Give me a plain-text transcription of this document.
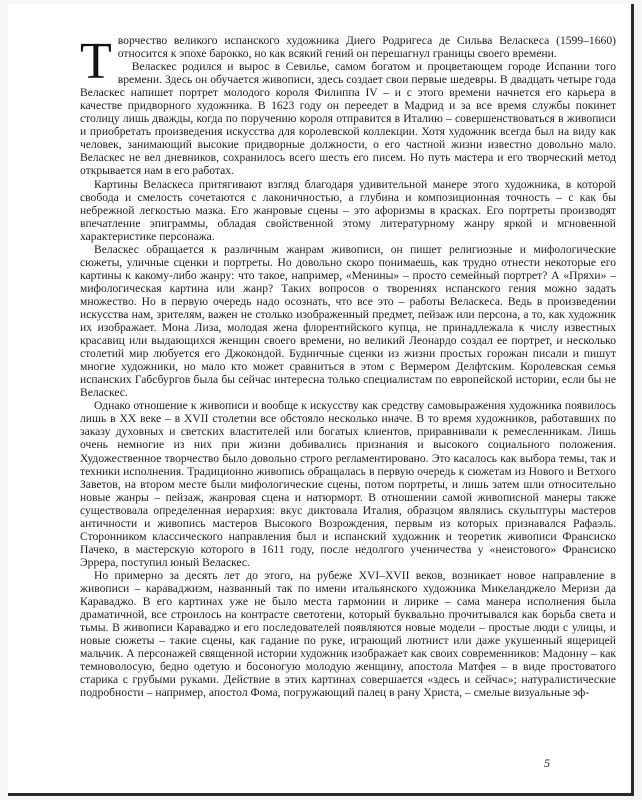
Творчество великого испанского художника Диего Родригеса де Сильва Веласкеса (1599–1660) относится к эпохе барокко, но как всякий гений он перешагнул границы своего времени.

Веласкес родился и вырос в Севилье, самом богатом и процветающем городе Испании того времени. Здесь он обучается живописи, здесь создает свои первые шедевры. В двадцать четыре года Веласкес напишет портрет молодого короля Филиппа IV – и с этого времени начнется его карьера в качестве придворного художника. В 1623 году он переедет в Мадрид и за все время службы покинет столицу лишь дважды, когда по поручению короля отправится в Италию – совершенствоваться в живописи и приобретать произведения искусства для королевской коллекции. Хотя художник всегда был на виду как человек, занимающий высокие придворные должности, о его частной жизни известно довольно мало. Веласкес не вел дневников, сохранилось всего шесть его писем. Но путь мастера и его творческий метод открывается нам в его работах.

Картины Веласкеса притягивают взгляд благодаря удивительной манере этого художника, в которой свобода и смелость сочетаются с лаконичностью, а глубина и композиционная точность – с как бы небрежной легкостью мазка. Его жанровые сцены – это афоризмы в красках. Его портреты производят впечатление эпиграммы, обладая свойственной этому литературному жанру яркой и мгновенной характеристике персонажа.

Веласкес обращается к различным жанрам живописи, он пишет религиозные и мифологические сюжеты, уличные сценки и портреты. Но довольно скоро понимаешь, как трудно отнести некоторые его картины к какому-либо жанру: что такое, например, «Менины» – просто семейный портрет? А «Пряхи» – мифологическая картина или жанр? Таких вопросов о творениях испанского гения можно задать множество. Но в первую очередь надо осознать, что все это – работы Веласкеса. Ведь в произведении искусства нам, зрителям, важен не столько изображенный предмет, пейзаж или персона, а то, как художник их изображает. Мона Лиза, молодая жена флорентийского купца, не принадлежала к числу известных красавиц или выдающихся женщин своего времени, но великий Леонардо создал ее портрет, и несколько столетий мир любуется его Джокондой. Будничные сценки из жизни простых горожан писали и пишут многие художники, но мало кто может сравниться в этом с Вермером Делфтским. Королевская семья испанских Габсбургов была бы сейчас интересна только специалистам по европейской истории, если бы не Веласкес.

Однако отношение к живописи и вообще к искусству как средству самовыражения художника появилось лишь в XX веке – в XVII столетии все обстояло несколько иначе. В то время художников, работавших по заказу духовных и светских властителей или богатых клиентов, приравнивали к ремесленникам. Лишь очень немногие из них при жизни добивались признания и высокого социального положения. Художественное творчество было довольно строго регламентировано. Это касалось как выбора темы, так и техники исполнения. Традиционно живопись обращалась в первую очередь к сюжетам из Нового и Ветхого Заветов, на втором месте были мифологические сцены, потом портреты, и лишь затем шли относительно новые жанры – пейзаж, жанровая сцена и натюрморт. В отношении самой живописной манеры также существовала определенная иерархия: вкус диктовала Италия, образцом являлись скульптуры мастеров античности и живопись мастеров Высокого Возрождения, первым из которых признавался Рафаэль. Сторонником классического направления был и испанский художник и теоретик живописи Франсиско Пачеко, в мастерскую которого в 1611 году, после недолгого ученичества у «неистового» Франсиско Эррера, поступил юный Веласкес.

Но примерно за десять лет до этого, на рубеже XVI–XVII веков, возникает новое направление в живописи – караваджизм, названный так по имени итальянского художника Микеланджело Меризи да Караваджо. В его картинах уже не было места гармонии и лирике – сама манера исполнения была драматичной, все строилось на контрасте светотени, который буквально прочитывался как борьба света и тьмы. В живописи Караваджо и его последователей появляются новые модели – простые люди с улицы, и новые сюжеты – такие сцены, как гадание по руке, играющий лютнист или даже укушенный ящерицей мальчик. А персонажей священной истории художник изображает как своих современников: Мадонну – как темноволосую, бедно одетую и босоногую молодую женщину, апостола Матфея – в виде простоватого старика с грубыми руками. Действие в этих картинах совершается «здесь и сейчас»; натуралистические подробности – например, апостол Фома, погружающий палец в рану Христа, – смелые визуальные эф-

5
